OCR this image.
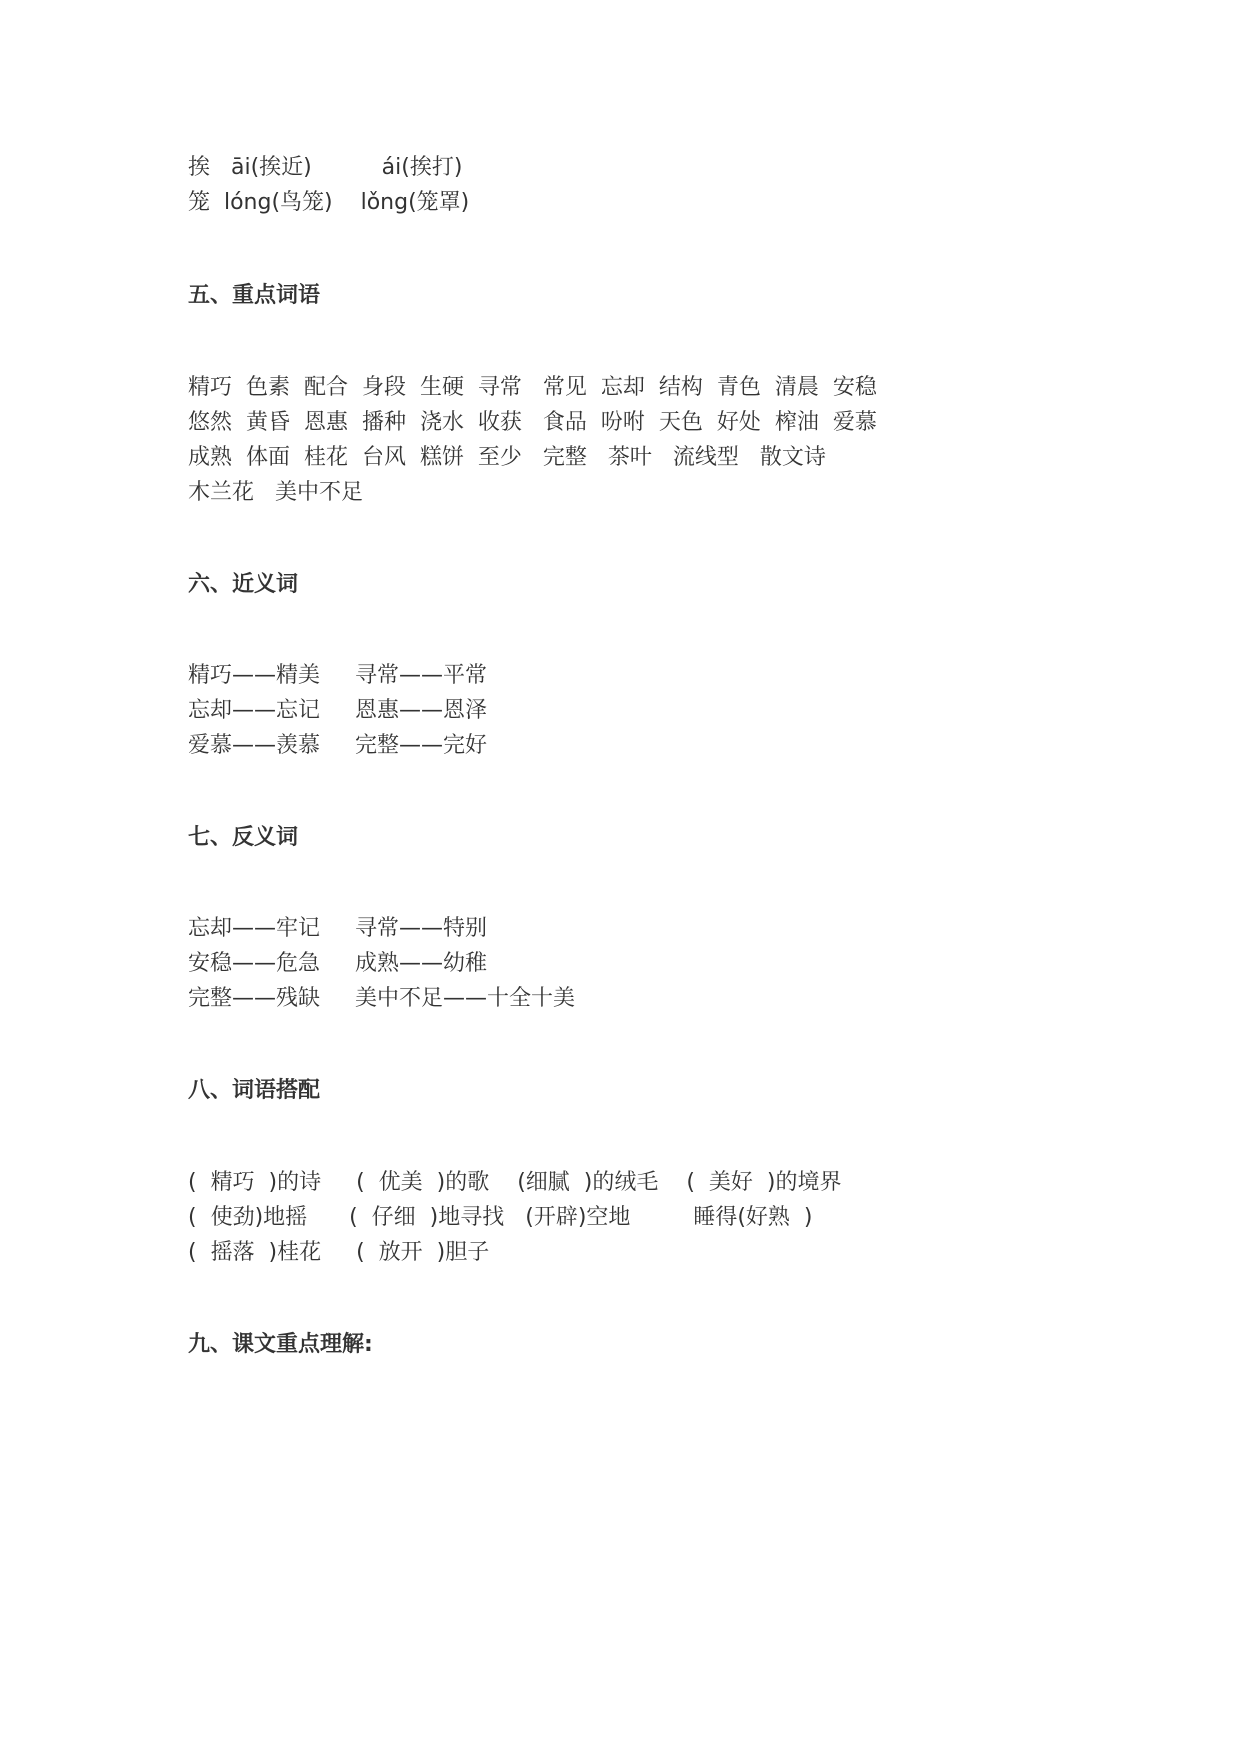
挨   āi(挨近)          ái(挨打)
笼  lóng(鸟笼)    lǒng(笼罩)
五、重点词语
精巧  色素  配合  身段  生硬  寻常   常见  忘却  结构  青色  清晨  安稳
悠然  黄昏  恩惠  播种  浇水  收获   食品  吩咐  天色  好处  榨油  爱慕
成熟  体面  桂花  台风  糕饼  至少   完整   茶叶   流线型   散文诗
木兰花   美中不足
六、近义词
精巧——精美     寻常——平常
忘却——忘记     恩惠——恩泽
爱慕——羡慕     完整——完好
七、反义词
忘却——牢记     寻常——特别
安稳——危急     成熟——幼稚
完整——残缺     美中不足——十全十美
八、词语搭配
(  精巧  )的诗     (  优美  )的歌    (细腻  )的绒毛    (  美好  )的境界
(  使劲)地摇      (  仔细  )地寻找   (开辟)空地         睡得(好熟  )
(  摇落  )桂花     (  放开  )胆子
九、课文重点理解:
